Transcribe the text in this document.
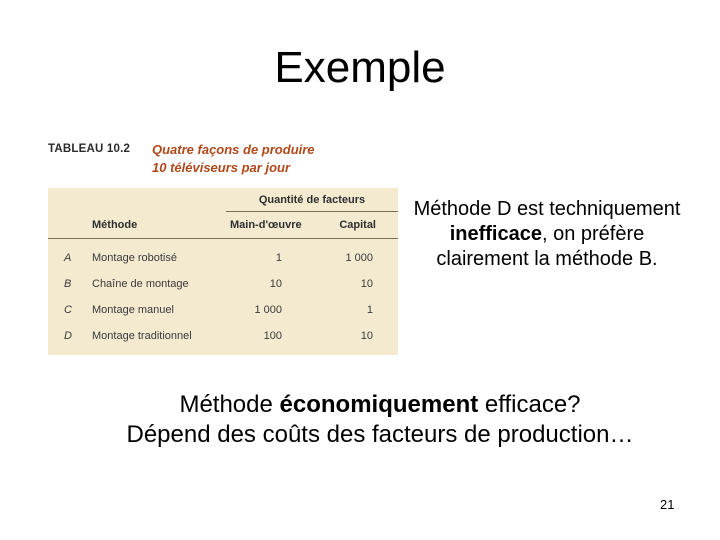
Exemple
TABLEAU 10.2 Quatre façons de produire
10 téléviseurs par jour
Quantité de facteurs
Méthode	Main-d'œuvre	Capital
A Montage robotisé	1	1 000
B Chaîne de montage	10	10
C Montage manuel	1 000	1
D Montage traditionnel	100	10
Méthode D est techniquement inefficace, on préfère clairement la méthode B.
Méthode économiquement efficace?
Dépend des coûts des facteurs de production…
21
